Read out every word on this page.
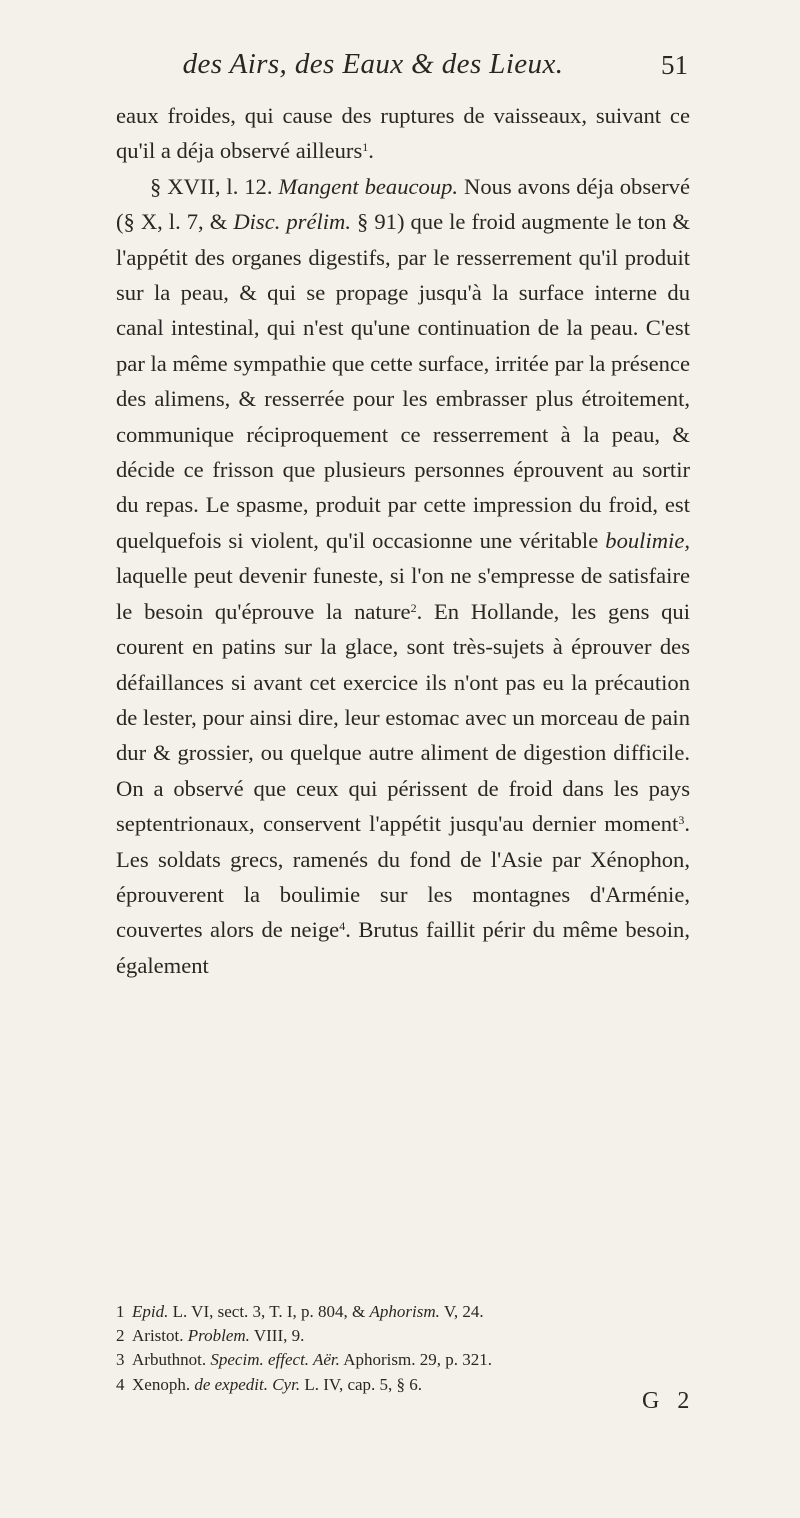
des Airs, des Eaux & des Lieux.	51

eaux froides, qui cause des ruptures de vaisseaux, suivant ce qu'il a déja observé ailleurs$^1$.

§ XVII, l. 12. Mangent beaucoup. Nous avons déja observé (§ X, l. 7, & Disc. prélim. § 91) que le froid augmente le ton & l'appétit des organes digestifs, par le resserrement qu'il produit sur la peau, & qui se propage jusqu'à la surface interne du canal intestinal, qui n'est qu'une continuation de la peau. C'est par la même sympathie que cette surface, irritée par la présence des alimens, & resserrée pour les embrasser plus étroitement, communique réciproquement ce resserrement à la peau, & décide ce frisson que plusieurs personnes éprouvent au sortir du repas. Le spasme, produit par cette impression du froid, est quelquefois si violent, qu'il occasionne une véritable boulimie, laquelle peut devenir funeste, si l'on ne s'empresse de satisfaire le besoin qu'éprouve la nature$^2$. En Hollande, les gens qui courent en patins sur la glace, sont très-sujets à éprouver des défaillances si avant cet exercice ils n'ont pas eu la précaution de lester, pour ainsi dire, leur estomac avec un morceau de pain dur & grossier, ou quelque autre aliment de digestion difficile. On a observé que ceux qui périssent de froid dans les pays septentrionaux, conservent l'appétit jusqu'au dernier moment$^3$. Les soldats grecs, ramenés du fond de l'Asie par Xénophon, éprouverent la boulimie sur les montagnes d'Arménie, couvertes alors de neige$^4$. Brutus faillit périr du même besoin, également

1 Epid. L. VI, sect. 3, T. I, p. 804, & Aphorism. V, 24.
2 Aristot. Problem. VIII, 9.
3 Arbuthnot. Specim. effect. Aër. Aphorism. 29, p. 321.
4 Xenoph. de expedit. Cyr. L. IV, cap. 5, § 6.
G 2
